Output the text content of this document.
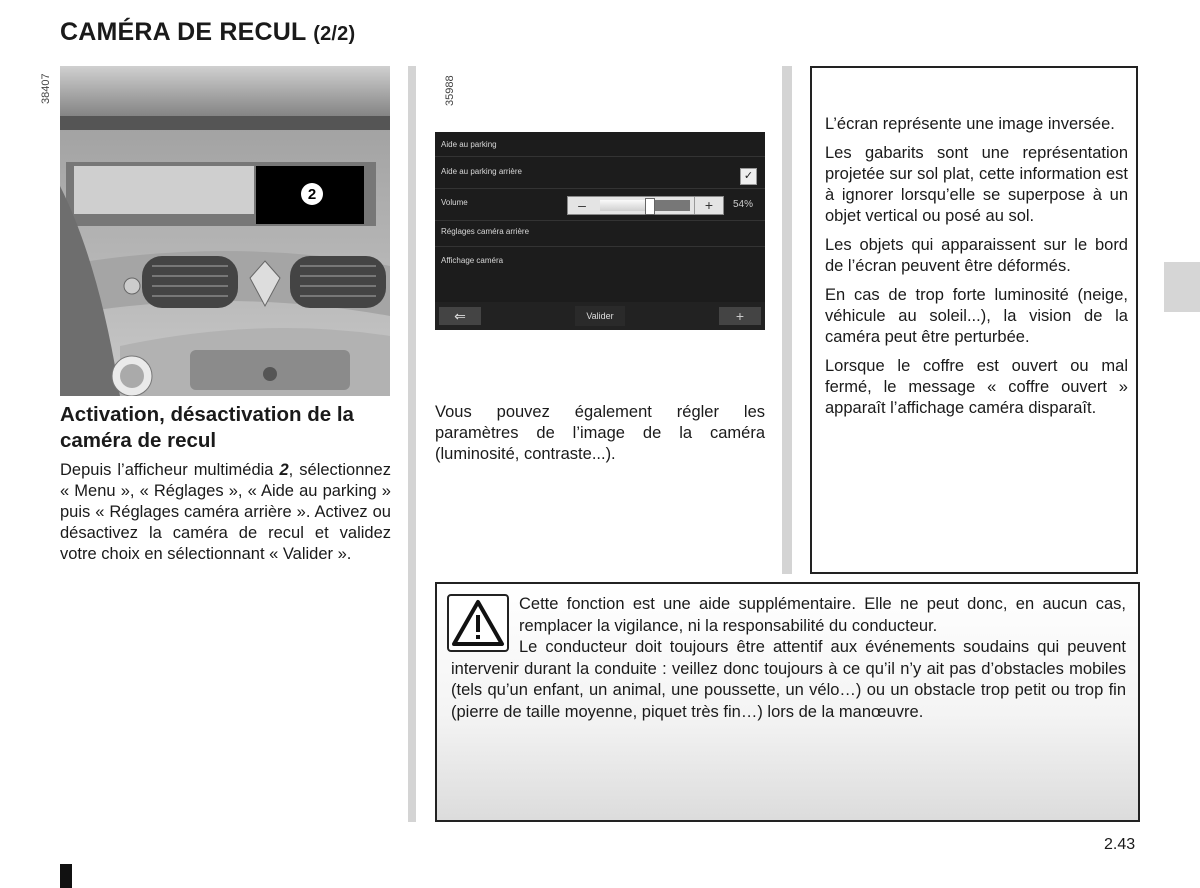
CAMÉRA DE RECUL (2/2)
2
38407
Activation, désactivation de la caméra de recul
Depuis l’afficheur multimédia 2, sélectionnez « Menu », « Réglages », « Aide au parking » puis « Réglages caméra arrière ». Activez ou désactivez la caméra de recul et validez votre choix en sélectionnant « Valider ».
35988
Aide au parking
Aide au parking arrière	✓
Volume	–	+	54%
Réglages caméra arrière
Affichage caméra
⇐	Valider	+
Vous pouvez également régler les paramètres de l’image de la caméra (luminosité, contraste...).

L’écran représente une image inversée.

Les gabarits sont une représentation projetée sur sol plat, cette information est à ignorer lorsqu’elle se superpose à un objet vertical ou posé au sol.

Les objets qui apparaissent sur le bord de l’écran peuvent être déformés.

En cas de trop forte luminosité (neige, véhicule au soleil...), la vision de la caméra peut être perturbée.

Lorsque le coffre est ouvert ou mal fermé, le message « coffre ouvert » apparaît l’affichage caméra disparaît.

Cette fonction est une aide supplémentaire. Elle ne peut donc, en aucun cas, remplacer la vigilance, ni la responsabilité du conducteur.

Le conducteur doit toujours être attentif aux événements soudains qui peuvent intervenir durant la conduite : veillez donc toujours à ce qu’il n’y ait pas d’obstacles mobiles (tels qu’un enfant, un animal, une poussette, un vélo…) ou un obstacle trop petit ou trop fin (pierre de taille moyenne, piquet très fin…) lors de la manœuvre.

2.43
